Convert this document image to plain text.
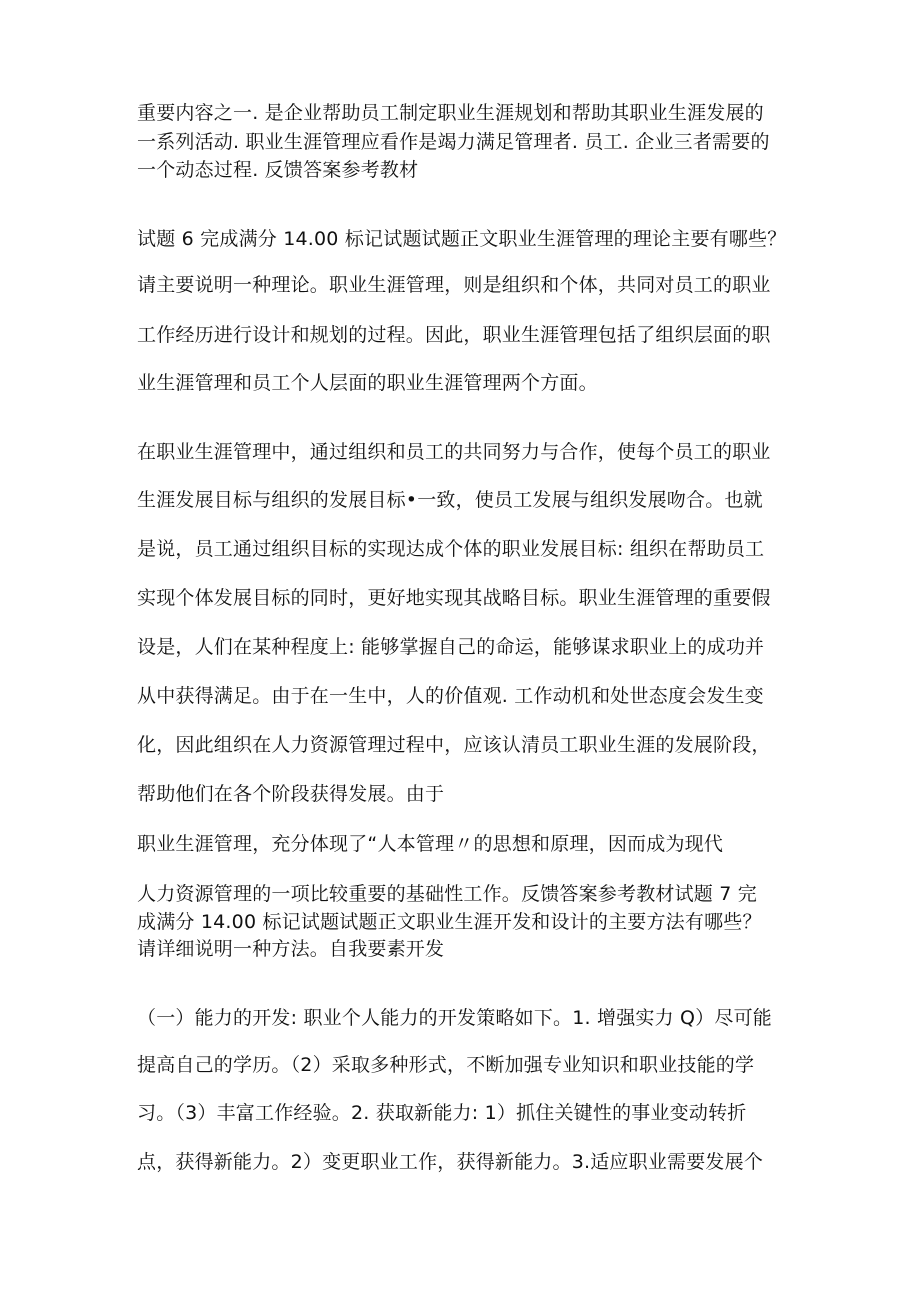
重要内容之一. 是企业帮助员工制定职业生涯规划和帮助其职业生涯发展的
一系列活动. 职业生涯管理应看作是竭力满足管理者. 员工. 企业三者需要的
一个动态过程. 反馈答案参考教材
试题 6 完成满分 14.00 标记试题试题正文职业生涯管理的理论主要有哪些？
请主要说明一种理论。职业生涯管理，则是组织和个体，共同对员工的职业
工作经历进行设计和规划的过程。因此，职业生涯管理包括了组织层面的职
业生涯管理和员工个人层面的职业生涯管理两个方面。
在职业生涯管理中，通过组织和员工的共同努力与合作，使每个员工的职业
生涯发展目标与组织的发展目标•一致，使员工发展与组织发展吻合。也就
是说，员工通过组织目标的实现达成个体的职业发展目标: 组织在帮助员工
实现个体发展目标的同时，更好地实现其战略目标。职业生涯管理的重要假
设是，人们在某种程度上: 能够掌握自己的命运，能够谋求职业上的成功并
从中获得满足。由于在一生中，人的价值观. 工作动机和处世态度会发生变
化，因此组织在人力资源管理过程中，应该认清员工职业生涯的发展阶段，
帮助他们在各个阶段获得发展。由于
职业生涯管理，充分体现了“人本管理〃的思想和原理，因而成为现代
人力资源管理的一项比较重要的基础性工作。反馈答案参考教材试题 7 完
成满分 14.00 标记试题试题正文职业生涯开发和设计的主要方法有哪些？
请详细说明一种方法。自我要素开发
（一）能力的开发: 职业个人能力的开发策略如下。1. 增强实力 Q）尽可能
提高自己的学历。（2）采取多种形式，不断加强专业知识和职业技能的学
习。（3）丰富工作经验。2. 获取新能力: 1）抓住关键性的事业变动转折
点，获得新能力。2）变更职业工作，获得新能力。3.适应职业需要发展个
